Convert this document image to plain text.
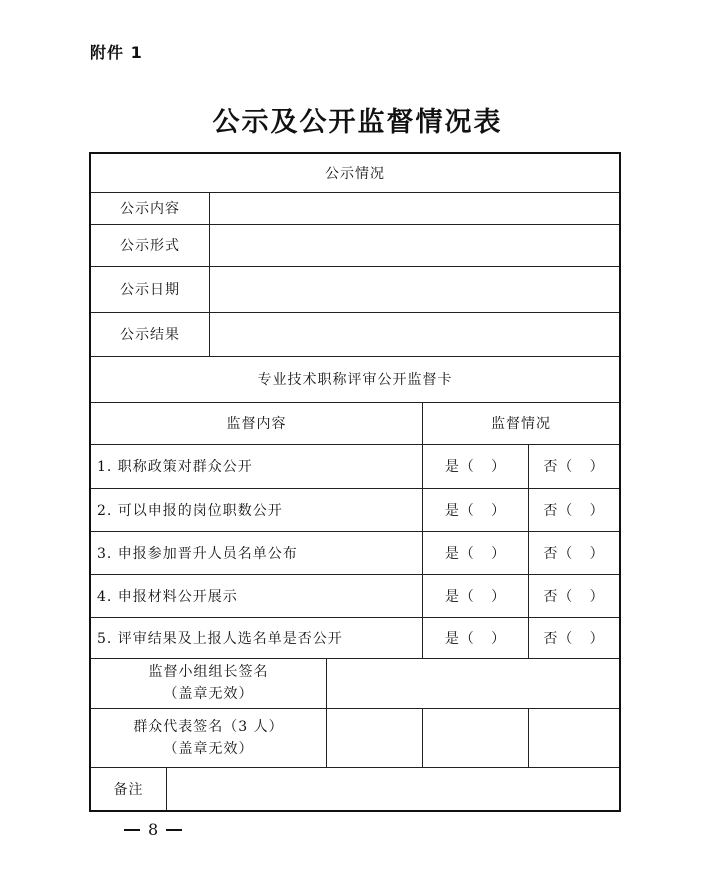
附件 1
公示及公开监督情况表
公示情况
公示内容
公示形式
公示日期
公示结果
专业技术职称评审公开监督卡
监督内容	监督情况
1. 职称政策对群众公开	是（   ）	否（   ）
2. 可以申报的岗位职数公开	是（   ）	否（   ）
3. 申报参加晋升人员名单公布	是（   ）	否（   ）
4. 申报材料公开展示	是（   ）	否（   ）
5. 评审结果及上报人选名单是否公开	是（   ）	否（   ）
监督小组组长签名
（盖章无效）
群众代表签名（3 人）
（盖章无效）
备注
8
